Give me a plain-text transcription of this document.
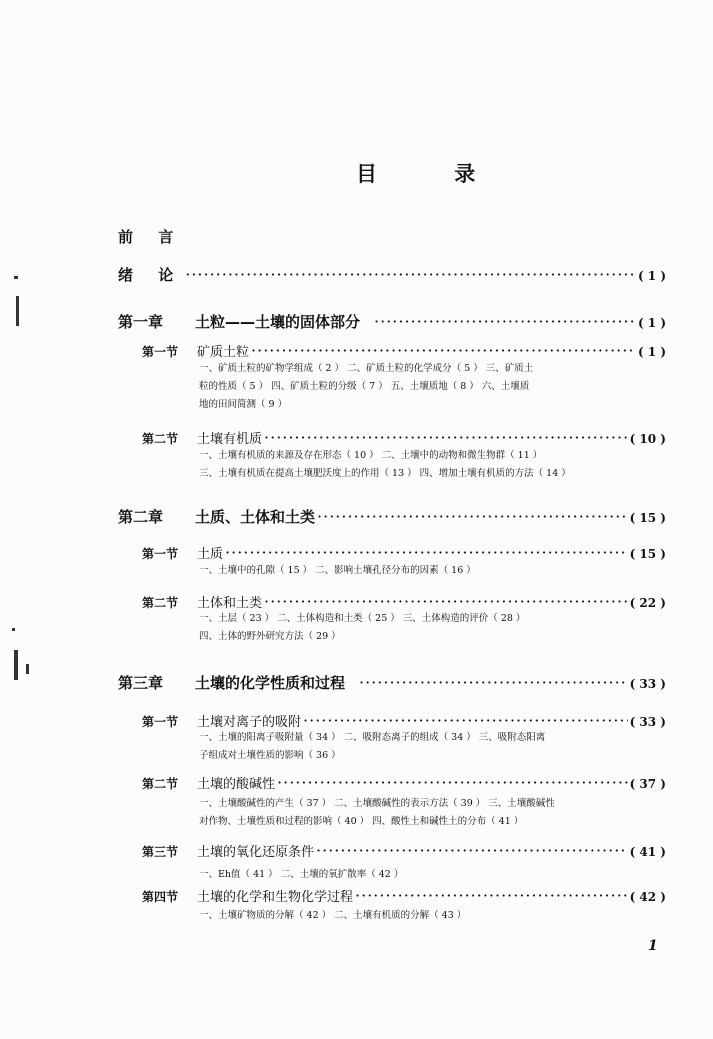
目 录
前 言
绪 论 ·····	( 1 )
第一章	土粒——土壤的固体部分 ·····	( 1 )
第一节	矿质土粒 ·····	( 1 )
一、矿质土粒的矿物学组成（ 2 ） 二、矿质土粒的化学成分（ 5 ） 三、矿质土
粒的性质（ 5 ） 四、矿质土粒的分级（ 7 ） 五、土壤质地（ 8 ） 六、土壤质
地的田间简测（ 9 ）
第二节	土壤有机质 ·····	( 10 )
一、土壤有机质的来源及存在形态（ 10 ） 二、土壤中的动物和微生物群（ 11 ）
三、土壤有机质在提高土壤肥沃度上的作用（ 13 ） 四、增加土壤有机质的方法（ 14 ）
第二章	土质、土体和土类 ·····	( 15 )
第一节	土质 ·····	( 15 )
一、土壤中的孔隙（ 15 ） 二、影响土壤孔径分布的因素（ 16 ）
第二节	土体和土类 ·····	( 22 )
一、土层（ 23 ） 二、土体构造和土类（ 25 ） 三、土体构造的评价（ 28 ）
四、土体的野外研究方法（ 29 ）
第三章	土壤的化学性质和过程 ·····	( 33 )
第一节	土壤对离子的吸附 ·····	( 33 )
一、土壤的阳离子吸附量（ 34 ） 二、吸附态离子的组成（ 34 ） 三、吸附态阳离
子组成对土壤性质的影响（ 36 ）
第二节	土壤的酸碱性 ·····	( 37 )
一、土壤酸碱性的产生（ 37 ） 二、土壤酸碱性的表示方法（ 39 ） 三、土壤酸碱性
对作物、土壤性质和过程的影响（ 40 ） 四、酸性土和碱性土的分布（ 41 ）
第三节	土壤的氧化还原条件 ·····	( 41 )
一、Eh值（ 41 ） 二、土壤的氧扩散率（ 42 ）
第四节	土壤的化学和生物化学过程 ·····	( 42 )
一、土壤矿物质的分解（ 42 ） 二、土壤有机质的分解（ 43 ）
1
